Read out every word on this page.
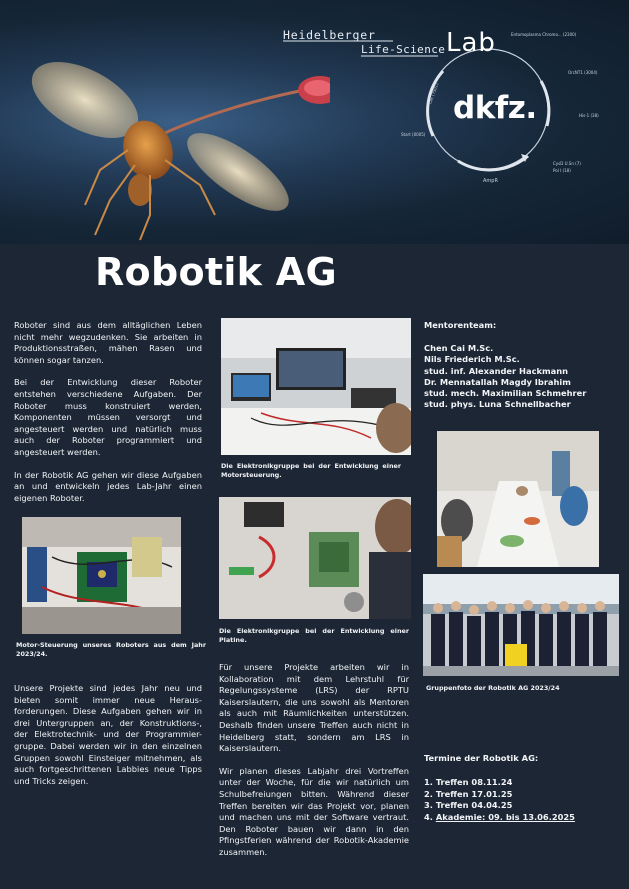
Entomoplasma Chromo... (2300)
OrcNT1 (3004)
His-1 (38)
CysD U.Sn (7)
Pol I (18)
AmpR
Start (0005)
Lac (7501)
Heidelberger
Life-Science Lab
dkfz.
Robotik AG

Roboter sind aus dem alltäglichen Leben nicht mehr wegzudenken. Sie arbeiten in Produktionsstraßen, mähen Rasen und können sogar tanzen.

Bei der Entwicklung dieser Roboter entstehen verschiedene Aufgaben. Der Roboter muss konstruiert werden, Komponenten müssen versorgt und angesteuert werden und natürlich muss auch der Roboter programmiert und angesteuert werden.

In der Robotik AG gehen wir diese Aufgaben an und entwickeln jedes Lab-Jahr einen eigenen Roboter.

Motor-Steuerung unseres Roboters aus dem Jahr 2023/24.

Unsere Projekte sind jedes Jahr neu und bieten somit immer neue Heraus-forderungen. Diese Aufgaben gehen wir in drei Untergruppen an, der Konstruktions-, der Elektrotechnik- und der Programmier-gruppe. Dabei werden wir in den einzelnen Gruppen sowohl Einsteiger mitnehmen, als auch fortgeschrittenen Labbies neue Tipps und Tricks zeigen.

Die Elektronikgruppe bei der Entwicklung einer Motorsteuerung.
Die Elektronikgruppe bei der Entwicklung einer Platine.

Für unsere Projekte arbeiten wir in Kollaboration mit dem Lehrstuhl für Regelungssysteme (LRS) der RPTU Kaiserslautern, die uns sowohl als Mentoren als auch mit Räumlichkeiten unterstützen. Deshalb finden unsere Treffen auch nicht in Heidelberg statt, sondern am LRS in Kaiserslautern.

Wir planen dieses Labjahr drei Vortreffen unter der Woche, für die wir natürlich um Schulbefreiungen bitten. Während dieser Treffen bereiten wir das Projekt vor, planen und machen uns mit der Software vertraut. Den Roboter bauen wir dann in den Pfingstferien während der Robotik-Akademie zusammen.

Mentorenteam:
Chen Cai M.Sc.
Nils Friederich M.Sc.
stud. inf. Alexander Hackmann
Dr. Mennatallah Magdy Ibrahim
stud. mech. Maximilian Schmehrer
stud. phys. Luna Schnellbacher
Gruppenfoto der Robotik AG 2023/24
Termine der Robotik AG:
1. Treffen 08.11.24
2. Treffen 17.01.25
3. Treffen 04.04.25
4. Akademie: 09. bis 13.06.2025
